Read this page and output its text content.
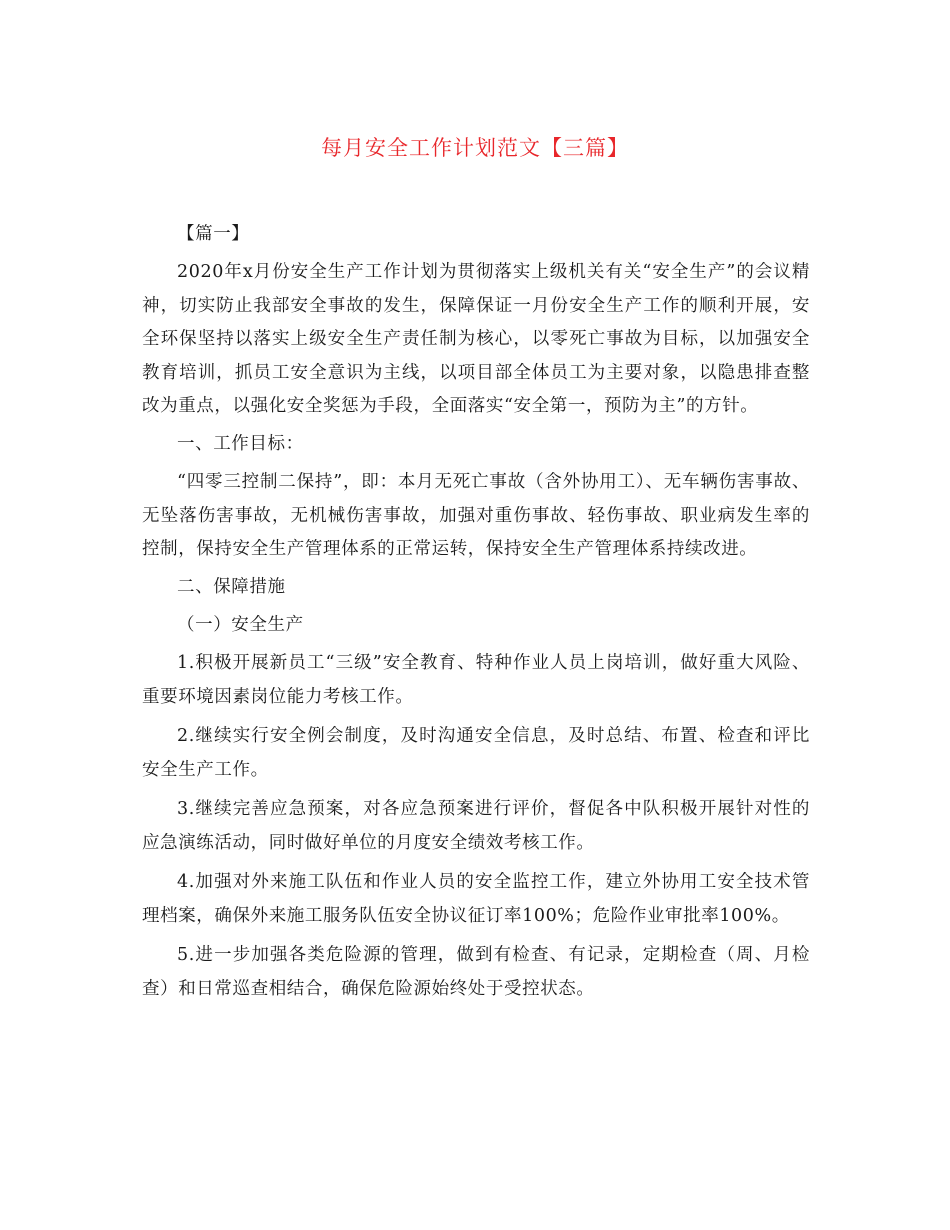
每月安全工作计划范文【三篇】

【篇一】

2020年x月份安全生产工作计划为贯彻落实上级机关有关“安全生产”的会议精神，切实防止我部安全事故的发生，保障保证一月份安全生产工作的顺利开展，安全环保坚持以落实上级安全生产责任制为核心，以零死亡事故为目标，以加强安全教育培训，抓员工安全意识为主线，以项目部全体员工为主要对象，以隐患排查整改为重点，以强化安全奖惩为手段，全面落实“安全第一，预防为主”的方针。

一、工作目标：

“四零三控制二保持”，即：本月无死亡事故（含外协用工）、无车辆伤害事故、无坠落伤害事故，无机械伤害事故，加强对重伤事故、轻伤事故、职业病发生率的控制，保持安全生产管理体系的正常运转，保持安全生产管理体系持续改进。

二、保障措施

（一）安全生产

1.积极开展新员工“三级”安全教育、特种作业人员上岗培训，做好重大风险、重要环境因素岗位能力考核工作。

2.继续实行安全例会制度，及时沟通安全信息，及时总结、布置、检查和评比安全生产工作。

3.继续完善应急预案，对各应急预案进行评价，督促各中队积极开展针对性的应急演练活动，同时做好单位的月度安全绩效考核工作。

4.加强对外来施工队伍和作业人员的安全监控工作，建立外协用工安全技术管理档案，确保外来施工服务队伍安全协议征订率100%；危险作业审批率100%。

5.进一步加强各类危险源的管理，做到有检查、有记录，定期检查（周、月检查）和日常巡查相结合，确保危险源始终处于受控状态。
